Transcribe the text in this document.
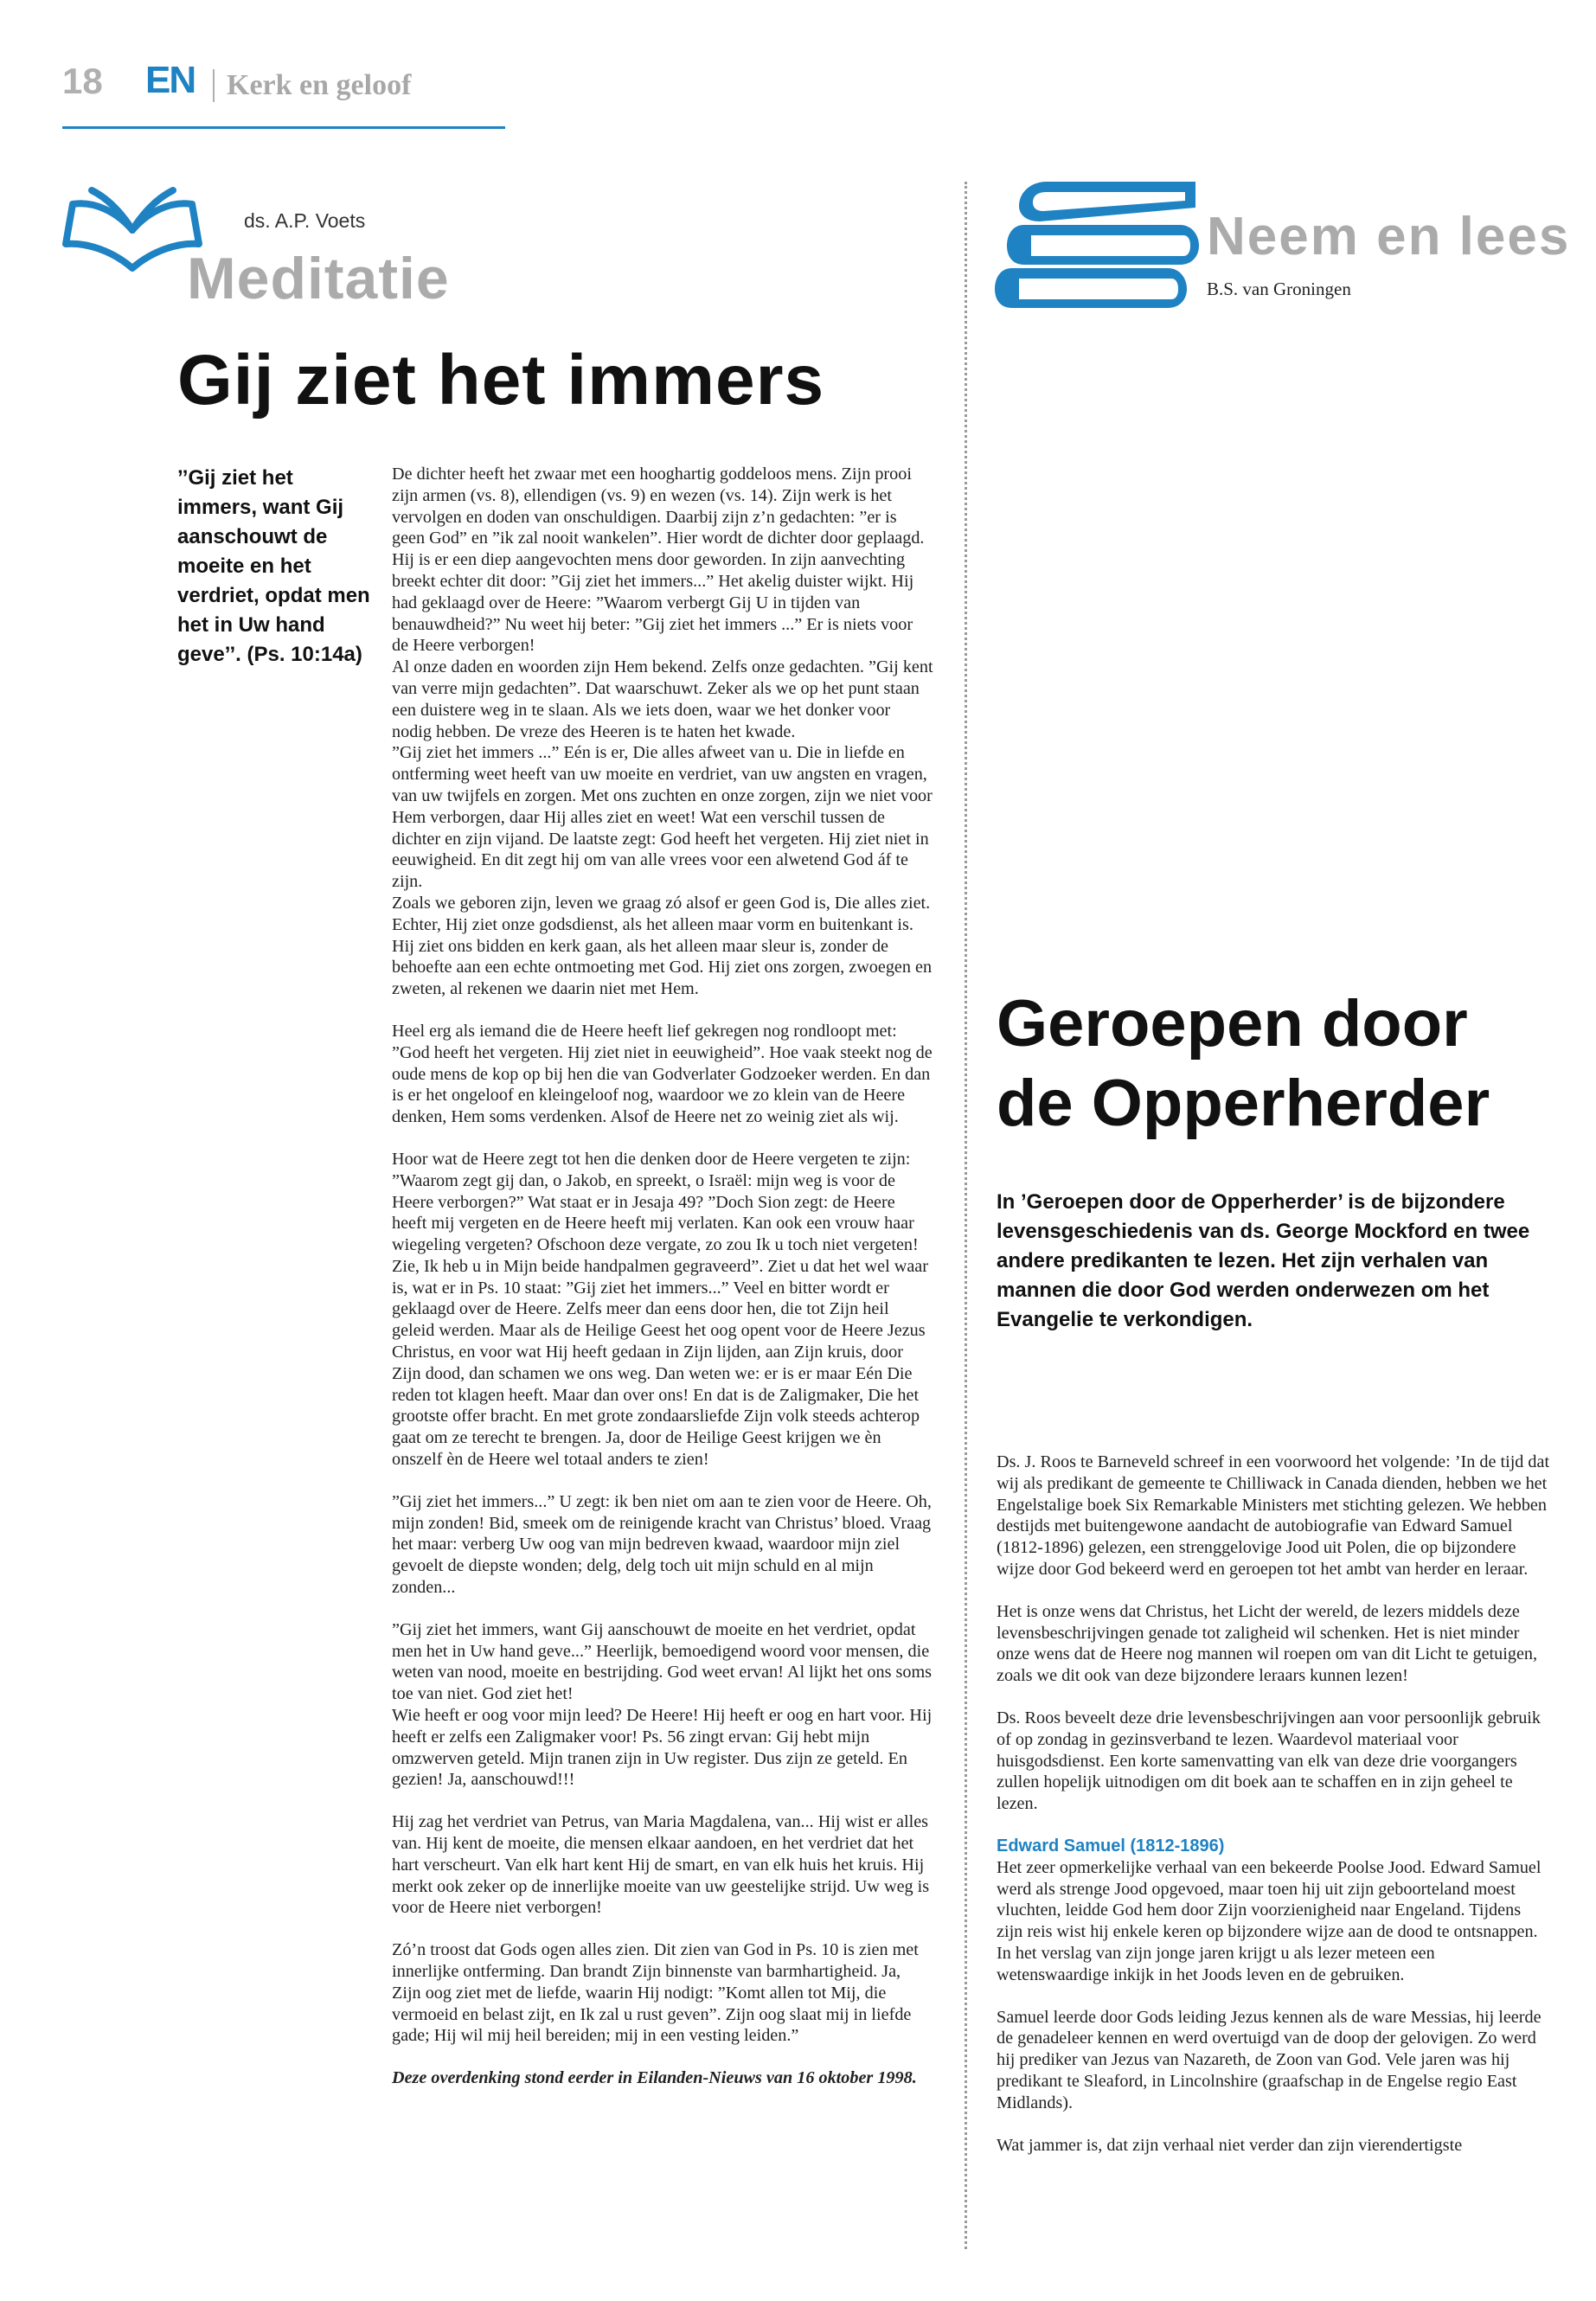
18 EN Kerk en geloof
ds. A.P. Voets
Meditatie
Gij ziet het immers
’’Gij ziet het immers, want Gij aanschouwt de moeite en het verdriet, opdat men het in Uw hand geve’’. (Ps. 10:14a)

De dichter heeft het zwaar met een hooghartig goddeloos mens. Zijn prooi zijn armen (vs. 8), ellendigen (vs. 9) en wezen (vs. 14). Zijn werk is het vervolgen en doden van onschuldigen. Daarbij zijn z’n gedachten: ”er is geen God” en ”ik zal nooit wankelen”. Hier wordt de dichter door geplaagd. Hij is er een diep aangevochten mens door geworden. In zijn aanvechting breekt echter dit door: ”Gij ziet het immers...” Het akelig duister wijkt. Hij had geklaagd over de Heere: ”Waarom verbergt Gij U in tijden van benauwdheid?” Nu weet hij beter: ”Gij ziet het immers ...” Er is niets voor de Heere verborgen!
Al onze daden en woorden zijn Hem bekend. Zelfs onze gedachten. ”Gij kent van verre mijn gedachten”. Dat waarschuwt. Zeker als we op het punt staan een duistere weg in te slaan. Als we iets doen, waar we het donker voor nodig hebben. De vreze des Heeren is te haten het kwade.
”Gij ziet het immers ...” Eén is er, Die alles afweet van u. Die in liefde en ontferming weet heeft van uw moeite en verdriet, van uw angsten en vragen, van uw twijfels en zorgen. Met ons zuchten en onze zorgen, zijn we niet voor Hem verborgen, daar Hij alles ziet en weet! Wat een verschil tussen de dichter en zijn vijand. De laatste zegt: God heeft het vergeten. Hij ziet niet in eeuwigheid. En dit zegt hij om van alle vrees voor een alwetend God áf te zijn.
Zoals we geboren zijn, leven we graag zó alsof er geen God is, Die alles ziet. Echter, Hij ziet onze godsdienst, als het alleen maar vorm en buitenkant is. Hij ziet ons bidden en kerk gaan, als het alleen maar sleur is, zonder de behoefte aan een echte ontmoeting met God. Hij ziet ons zorgen, zwoegen en zweten, al rekenen we daarin niet met Hem.

Heel erg als iemand die de Heere heeft lief gekregen nog rondloopt met: ”God heeft het vergeten. Hij ziet niet in eeuwigheid”. Hoe vaak steekt nog de oude mens de kop op bij hen die van Godverlater Godzoeker werden. En dan is er het ongeloof en kleingeloof nog, waardoor we zo klein van de Heere denken, Hem soms verdenken. Alsof de Heere net zo weinig ziet als wij.

Hoor wat de Heere zegt tot hen die denken door de Heere vergeten te zijn: ”Waarom zegt gij dan, o Jakob, en spreekt, o Israël: mijn weg is voor de Heere verborgen?” Wat staat er in Jesaja 49? ”Doch Sion zegt: de Heere heeft mij vergeten en de Heere heeft mij verlaten. Kan ook een vrouw haar wiegeling vergeten? Ofschoon deze vergate, zo zou Ik u toch niet vergeten! Zie, Ik heb u in Mijn beide handpalmen gegraveerd”. Ziet u dat het wel waar is, wat er in Ps. 10 staat: ”Gij ziet het immers...” Veel en bitter wordt er geklaagd over de Heere. Zelfs meer dan eens door hen, die tot Zijn heil geleid werden. Maar als de Heilige Geest het oog opent voor de Heere Jezus Christus, en voor wat Hij heeft gedaan in Zijn lijden, aan Zijn kruis, door Zijn dood, dan schamen we ons weg. Dan weten we: er is er maar Eén Die reden tot klagen heeft. Maar dan over ons! En dat is de Zaligmaker, Die het grootste offer bracht. En met grote zondaarsliefde Zijn volk steeds achterop gaat om ze terecht te brengen. Ja, door de Heilige Geest krijgen we èn onszelf èn de Heere wel totaal anders te zien!

”Gij ziet het immers...” U zegt: ik ben niet om aan te zien voor de Heere. Oh, mijn zonden! Bid, smeek om de reinigende kracht van Christus’ bloed. Vraag het maar: verberg Uw oog van mijn bedreven kwaad, waardoor mijn ziel gevoelt de diepste wonden; delg, delg toch uit mijn schuld en al mijn zonden...

”Gij ziet het immers, want Gij aanschouwt de moeite en het verdriet, opdat men het in Uw hand geve...” Heerlijk, bemoedigend woord voor mensen, die weten van nood, moeite en bestrijding. God weet ervan! Al lijkt het ons soms toe van niet. God ziet het!
Wie heeft er oog voor mijn leed? De Heere! Hij heeft er oog en hart voor. Hij heeft er zelfs een Zaligmaker voor! Ps. 56 zingt ervan: Gij hebt mijn omzwerven geteld. Mijn tranen zijn in Uw register. Dus zijn ze geteld. En gezien! Ja, aanschouwd!!!

Hij zag het verdriet van Petrus, van Maria Magdalena, van... Hij wist er alles van. Hij kent de moeite, die mensen elkaar aandoen, en het verdriet dat het hart verscheurt. Van elk hart kent Hij de smart, en van elk huis het kruis. Hij merkt ook zeker op de innerlijke moeite van uw geestelijke strijd. Uw weg is voor de Heere niet verborgen!

Zó’n troost dat Gods ogen alles zien. Dit zien van God in Ps. 10 is zien met innerlijke ontferming. Dan brandt Zijn binnenste van barmhartigheid. Ja, Zijn oog ziet met de liefde, waarin Hij nodigt: ”Komt allen tot Mij, die vermoeid en belast zijt, en Ik zal u rust geven”. Zijn oog slaat mij in liefde gade; Hij wil mij heil bereiden; mij in een vesting leiden.”

Deze overdenking stond eerder in Eilanden-Nieuws van 16 oktober 1998.

Neem en lees
B.S. van Groningen
Geroepen door
de Opperherder
In ’Geroepen door de Opperherder’ is de bijzondere levensgeschiedenis van ds. George Mockford en twee andere predikanten te lezen. Het zijn verhalen van mannen die door God werden onderwezen om het Evangelie te verkondigen.

Ds. J. Roos te Barneveld schreef in een voorwoord het volgende: ’In de tijd dat wij als predikant de gemeente te Chilliwack in Canada dienden, hebben we het Engelstalige boek Six Remarkable Ministers met stichting gelezen. We hebben destijds met buitengewone aandacht de autobiografie van Edward Samuel (1812-1896) gelezen, een strenggelovige Jood uit Polen, die op bijzondere wijze door God bekeerd werd en geroepen tot het ambt van herder en leraar.

Het is onze wens dat Christus, het Licht der wereld, de lezers middels deze levensbeschrijvingen genade tot zaligheid wil schenken. Het is niet minder onze wens dat de Heere nog mannen wil roepen om van dit Licht te getuigen, zoals we dit ook van deze bijzondere leraars kunnen lezen!

Ds. Roos beveelt deze drie levensbeschrijvingen aan voor persoonlijk gebruik of op zondag in gezinsverband te lezen. Waardevol materiaal voor huisgodsdienst. Een korte samenvatting van elk van deze drie voorgangers zullen hopelijk uitnodigen om dit boek aan te schaffen en in zijn geheel te lezen.

Edward Samuel (1812-1896)

Het zeer opmerkelijke verhaal van een bekeerde Poolse Jood. Edward Samuel werd als strenge Jood opgevoed, maar toen hij uit zijn geboorteland moest vluchten, leidde God hem door Zijn voorzienigheid naar Engeland. Tijdens zijn reis wist hij enkele keren op bijzondere wijze aan de dood te ontsnappen. In het verslag van zijn jonge jaren krijgt u als lezer meteen een wetenswaardige inkijk in het Joods leven en de gebruiken.

Samuel leerde door Gods leiding Jezus kennen als de ware Messias, hij leerde de genadeleer kennen en werd overtuigd van de doop der gelovigen. Zo werd hij prediker van Jezus van Nazareth, de Zoon van God. Vele jaren was hij predikant te Sleaford, in Lincolnshire (graafschap in de Engelse regio East Midlands).

Wat jammer is, dat zijn verhaal niet verder dan zijn vierendertigste
